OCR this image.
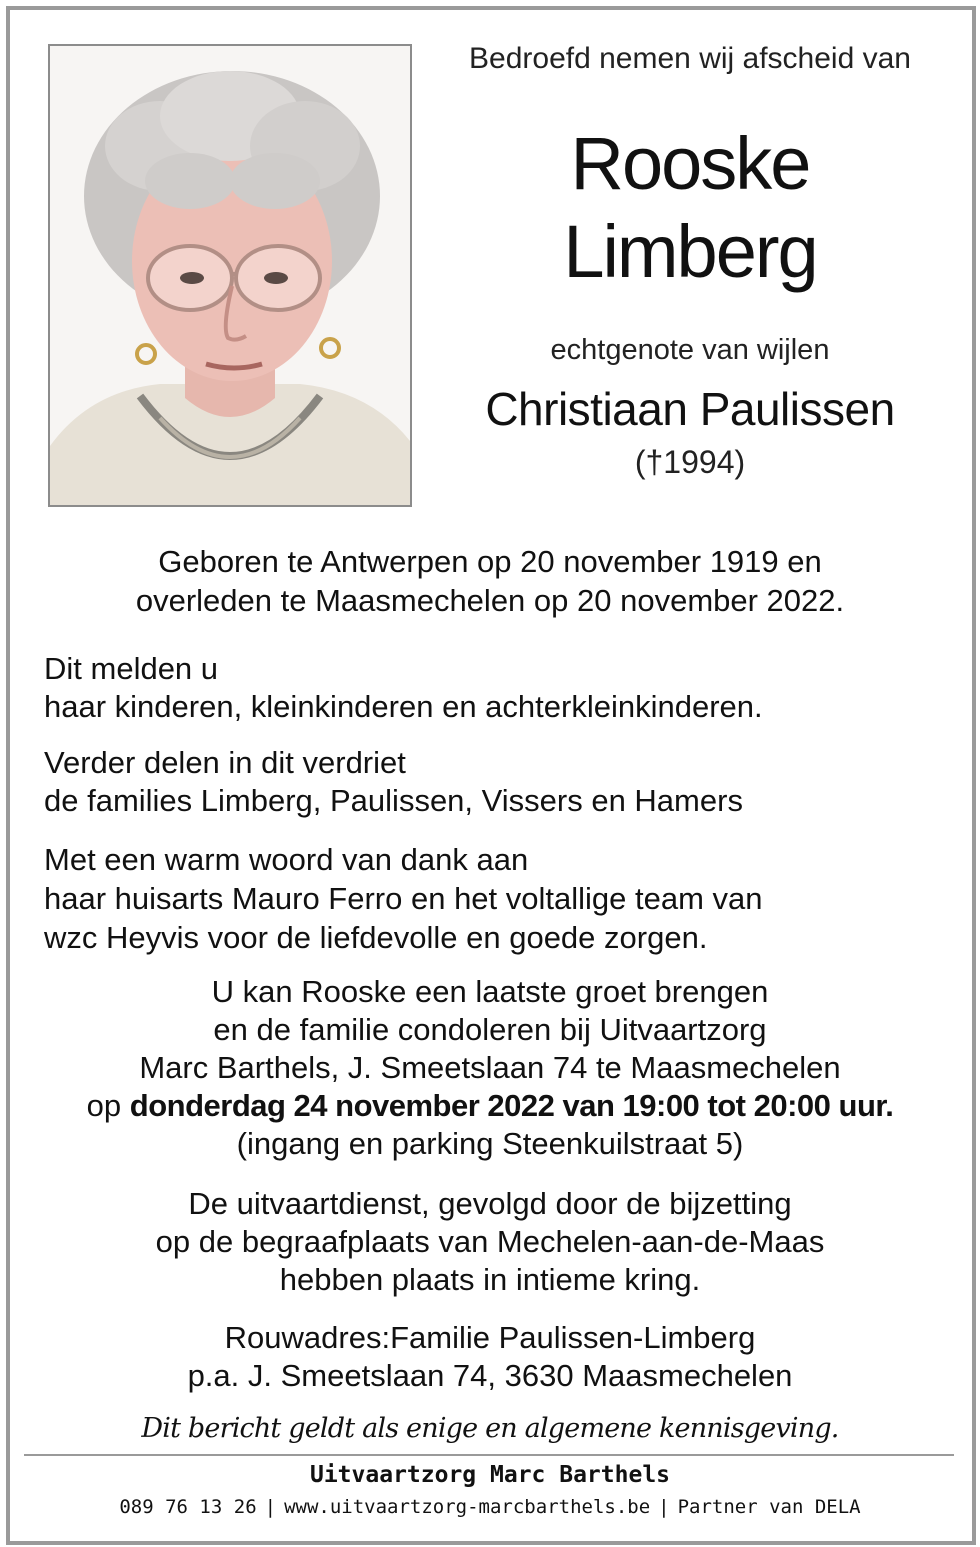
Bedroefd nemen wij afscheid van
Rooske
Limberg
echtgenote van wijlen
Christiaan Paulissen
(†1994)
Geboren te Antwerpen op 20 november 1919 en
overleden te Maasmechelen op 20 november 2022.
Dit melden u
haar kinderen, kleinkinderen en achterkleinkinderen.
Verder delen in dit verdriet
de families Limberg, Paulissen, Vissers en Hamers
Met een warm woord van dank aan
haar huisarts Mauro Ferro en het voltallige team van
wzc Heyvis voor de liefdevolle en goede zorgen.
U kan Rooske een laatste groet brengen
en de familie condoleren bij Uitvaartzorg
Marc Barthels, J. Smeetslaan 74 te Maasmechelen
op donderdag 24 november 2022 van 19:00 tot 20:00 uur.
(ingang en parking Steenkuilstraat 5)
De uitvaartdienst, gevolgd door de bijzetting
op de begraafplaats van Mechelen-aan-de-Maas
hebben plaats in intieme kring.
Rouwadres:Familie Paulissen-Limberg
p.a. J. Smeetslaan 74, 3630 Maasmechelen
Dit bericht geldt als enige en algemene kennisgeving.
Uitvaartzorg Marc Barthels
089 76 13 26 | www.uitvaartzorg-marcbarthels.be | Partner van DELA
